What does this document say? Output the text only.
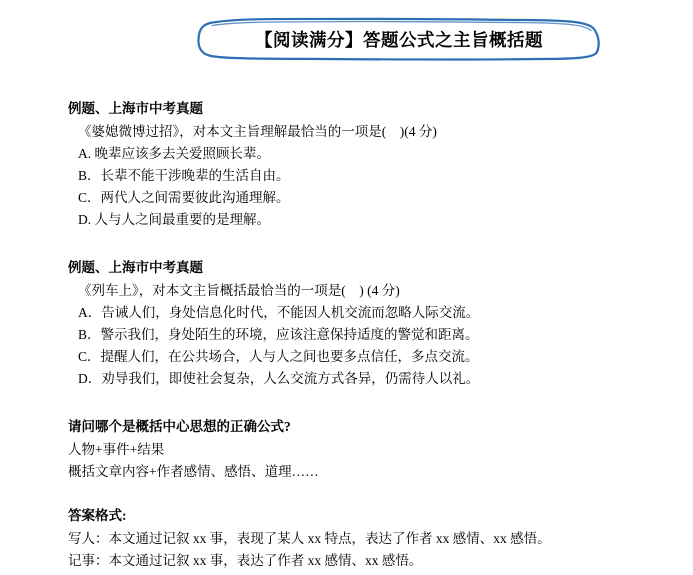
【阅读满分】答题公式之主旨概括题
例题、上海市中考真题
《婆媳微博过招》，对本文主旨理解最恰当的一项是(    )(4 分)
A. 晚辈应该多去关爱照顾长辈。
B．长辈不能干涉晚辈的生活自由。
C．两代人之间需要彼此沟通理解。
D. 人与人之间最重要的是理解。
例题、上海市中考真题
《列车上》，对本文主旨概括最恰当的一项是(    ) (4 分)
A．告诫人们，身处信息化时代，不能因人机交流而忽略人际交流。
B．警示我们，身处陌生的环境，应该注意保持适度的警觉和距离。
C．提醒人们，在公共场合，人与人之间也要多点信任，多点交流。
D．劝导我们，即使社会复杂，人么交流方式各异，仍需待人以礼。
请问哪个是概括中心思想的正确公式?
人物+事件+结果
概括文章内容+作者感情、感悟、道理……
答案格式:
写人：本文通过记叙 xx 事，表现了某人 xx 特点，表达了作者 xx 感情、xx 感悟。
记事：本文通过记叙 xx 事，表达了作者 xx 感情、xx 感悟。
